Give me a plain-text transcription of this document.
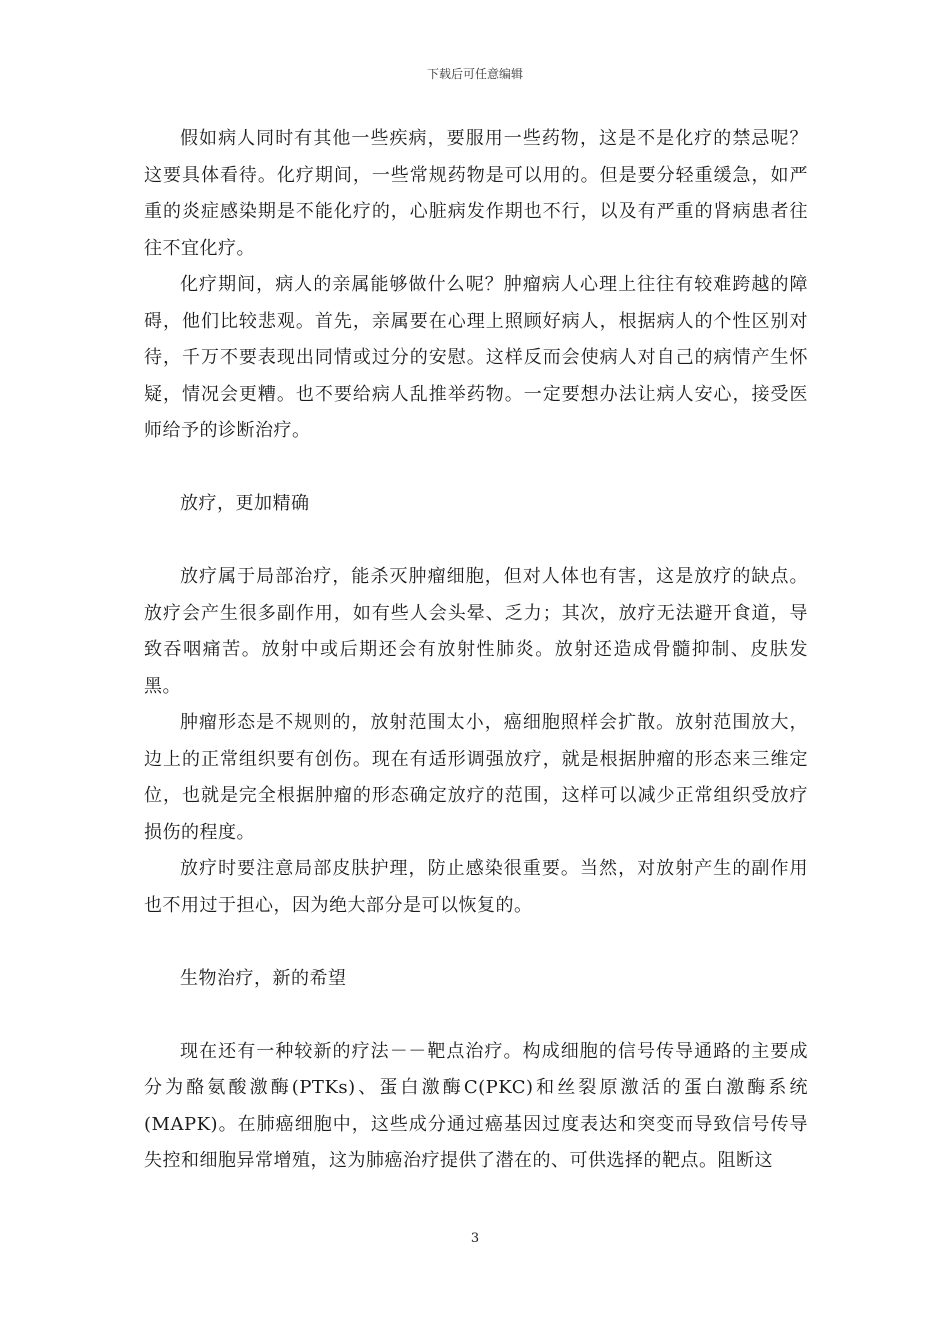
下载后可任意编辑

假如病人同时有其他一些疾病，要服用一些药物，这是不是化疗的禁忌呢？这要具体看待。化疗期间，一些常规药物是可以用的。但是要分轻重缓急，如严重的炎症感染期是不能化疗的，心脏病发作期也不行，以及有严重的肾病患者往往不宜化疗。

化疗期间，病人的亲属能够做什么呢？肿瘤病人心理上往往有较难跨越的障碍，他们比较悲观。首先，亲属要在心理上照顾好病人，根据病人的个性区别对待，千万不要表现出同情或过分的安慰。这样反而会使病人对自己的病情产生怀疑，情况会更糟。也不要给病人乱推举药物。一定要想办法让病人安心，接受医师给予的诊断治疗。

放疗，更加精确

放疗属于局部治疗，能杀灭肿瘤细胞，但对人体也有害，这是放疗的缺点。放疗会产生很多副作用，如有些人会头晕、乏力；其次，放疗无法避开食道，导致吞咽痛苦。放射中或后期还会有放射性肺炎。放射还造成骨髓抑制、皮肤发黑。

肿瘤形态是不规则的，放射范围太小，癌细胞照样会扩散。放射范围放大，边上的正常组织要有创伤。现在有适形调强放疗，就是根据肿瘤的形态来三维定位，也就是完全根据肿瘤的形态确定放疗的范围，这样可以减少正常组织受放疗损伤的程度。

放疗时要注意局部皮肤护理，防止感染很重要。当然，对放射产生的副作用也不用过于担心，因为绝大部分是可以恢复的。

生物治疗，新的希望

现在还有一种较新的疗法－－靶点治疗。构成细胞的信号传导通路的主要成分为酪氨酸激酶(PTKs)、蛋白激酶C(PKC)和丝裂原激活的蛋白激酶系统(MAPK)。在肺癌细胞中，这些成分通过癌基因过度表达和突变而导致信号传导失控和细胞异常增殖，这为肺癌治疗提供了潜在的、可供选择的靶点。阻断这

3
